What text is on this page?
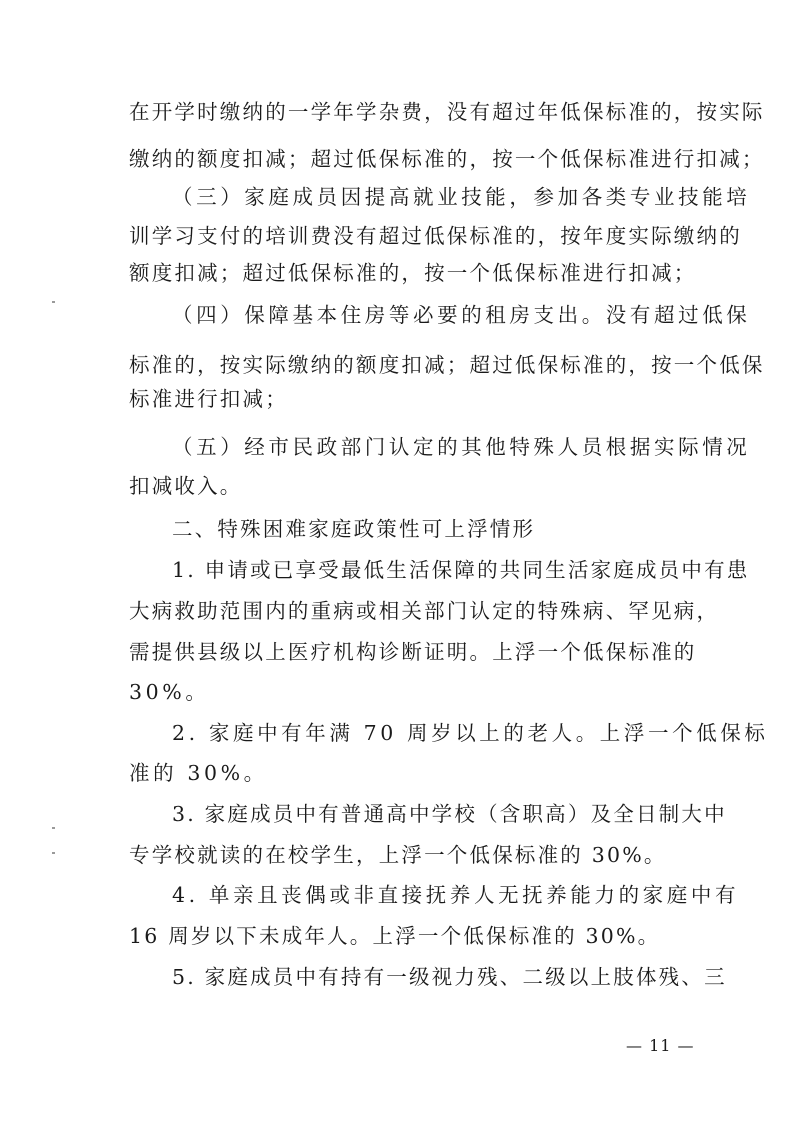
在开学时缴纳的一学年学杂费，没有超过年低保标准的，按实际
缴纳的额度扣减；超过低保标准的，按一个低保标准进行扣减；
（三）家庭成员因提高就业技能，参加各类专业技能培
训学习支付的培训费没有超过低保标准的，按年度实际缴纳的
额度扣减；超过低保标准的，按一个低保标准进行扣减；
（四）保障基本住房等必要的租房支出。没有超过低保
标准的，按实际缴纳的额度扣减；超过低保标准的，按一个低保
标准进行扣减；
（五）经市民政部门认定的其他特殊人员根据实际情况
扣减收入。
二、特殊困难家庭政策性可上浮情形
1. 申请或已享受最低生活保障的共同生活家庭成员中有患
大病救助范围内的重病或相关部门认定的特殊病、罕见病，
需提供县级以上医疗机构诊断证明。上浮一个低保标准的
30%。
2. 家庭中有年满 70 周岁以上的老人。上浮一个低保标
准的 30%。
3. 家庭成员中有普通高中学校（含职高）及全日制大中
专学校就读的在校学生，上浮一个低保标准的 30%。
4. 单亲且丧偶或非直接抚养人无抚养能力的家庭中有
16 周岁以下未成年人。上浮一个低保标准的 30%。
5. 家庭成员中有持有一级视力残、二级以上肢体残、三
— 11 —
